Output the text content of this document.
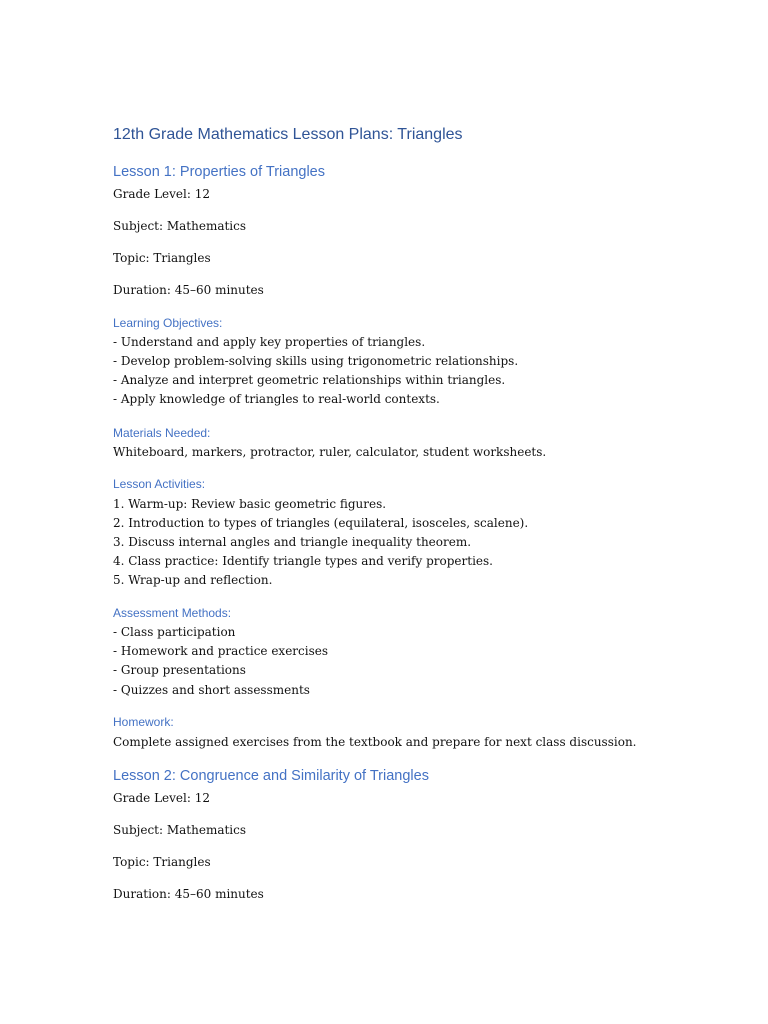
12th Grade Mathematics Lesson Plans: Triangles
Lesson 1: Properties of Triangles
Grade Level: 12
Subject: Mathematics
Topic: Triangles
Duration: 45–60 minutes
Learning Objectives:
- Understand and apply key properties of triangles.
- Develop problem-solving skills using trigonometric relationships.
- Analyze and interpret geometric relationships within triangles.
- Apply knowledge of triangles to real-world contexts.
Materials Needed:
Whiteboard, markers, protractor, ruler, calculator, student worksheets.
Lesson Activities:
1. Warm-up: Review basic geometric figures.
2. Introduction to types of triangles (equilateral, isosceles, scalene).
3. Discuss internal angles and triangle inequality theorem.
4. Class practice: Identify triangle types and verify properties.
5. Wrap-up and reflection.
Assessment Methods:
- Class participation
- Homework and practice exercises
- Group presentations
- Quizzes and short assessments
Homework:
Complete assigned exercises from the textbook and prepare for next class discussion.
Lesson 2: Congruence and Similarity of Triangles
Grade Level: 12
Subject: Mathematics
Topic: Triangles
Duration: 45–60 minutes
